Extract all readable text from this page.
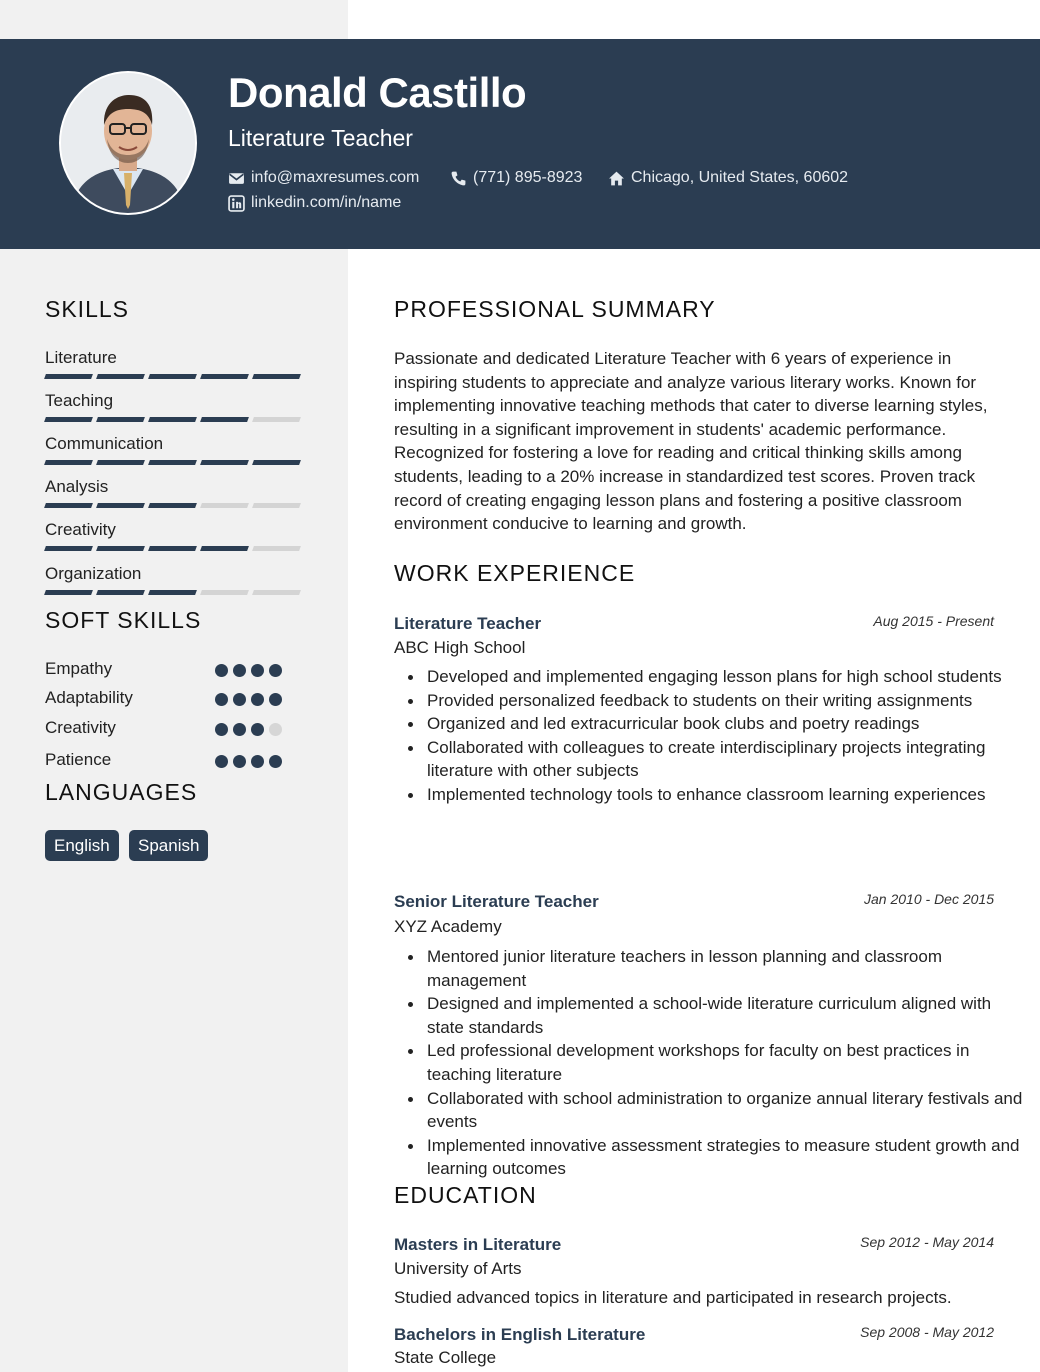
Donald Castillo
Literature Teacher
info@maxresumes.com	(771) 895-8923	Chicago, United States, 60602
linkedin.com/in/name
SKILLS
Literature
Teaching
Communication
Analysis
Creativity
Organization
SOFT SKILLS
Empathy
Adaptability
Creativity
Patience
LANGUAGES
English	Spanish
PROFESSIONAL SUMMARY
Passionate and dedicated Literature Teacher with 6 years of experience in inspiring students to appreciate and analyze various literary works. Known for implementing innovative teaching methods that cater to diverse learning styles, resulting in a significant improvement in students' academic performance. Recognized for fostering a love for reading and critical thinking skills among students, leading to a 20% increase in standardized test scores. Proven track record of creating engaging lesson plans and fostering a positive classroom environment conducive to learning and growth.
WORK EXPERIENCE
Literature Teacher	Aug 2015 - Present
ABC High School
Developed and implemented engaging lesson plans for high school students
Provided personalized feedback to students on their writing assignments
Organized and led extracurricular book clubs and poetry readings
Collaborated with colleagues to create interdisciplinary projects integrating literature with other subjects
Implemented technology tools to enhance classroom learning experiences
Senior Literature Teacher	Jan 2010 - Dec 2015
XYZ Academy
Mentored junior literature teachers in lesson planning and classroom management
Designed and implemented a school-wide literature curriculum aligned with state standards
Led professional development workshops for faculty on best practices in teaching literature
Collaborated with school administration to organize annual literary festivals and events
Implemented innovative assessment strategies to measure student growth and learning outcomes
EDUCATION
Masters in Literature	Sep 2012 - May 2014
University of Arts
Studied advanced topics in literature and participated in research projects.
Bachelors in English Literature	Sep 2008 - May 2012
State College
